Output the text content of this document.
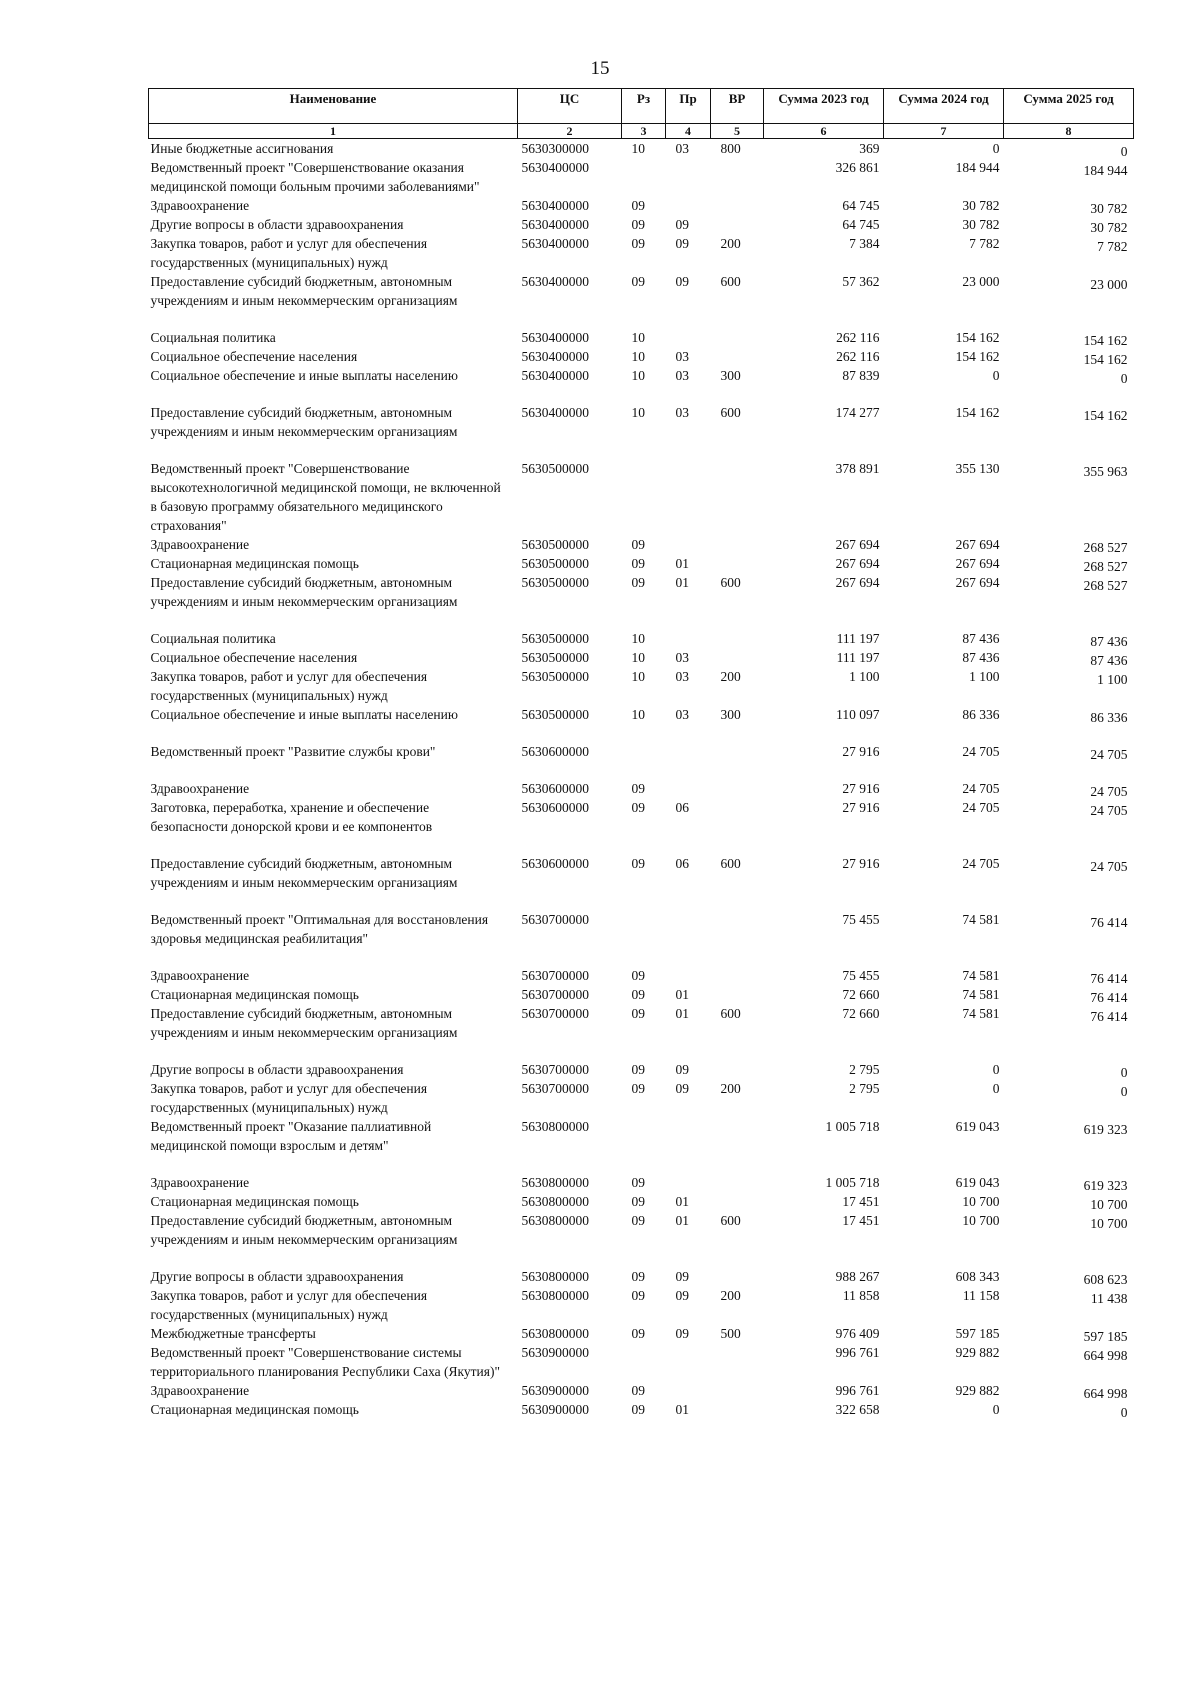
15
Наименование	ЦС	Рз	Пр	ВР	Сумма 2023 год	Сумма 2024 год	Сумма 2025 год
1	2	3	4	5	6	7	8
Иные бюджетные ассигнования	5630300000	10	03	800	369	0	0
Ведомственный проект "Совершенствование оказания медицинской помощи больным прочими заболеваниями"	5630400000				326 861	184 944	184 944
Здравоохранение	5630400000	09			64 745	30 782	30 782
Другие вопросы в области здравоохранения	5630400000	09	09		64 745	30 782	30 782
Закупка товаров, работ и услуг для обеспечения государственных (муниципальных) нужд	5630400000	09	09	200	7 384	7 782	7 782
Предоставление субсидий бюджетным, автономным учреждениям и иным некоммерческим организациям	5630400000	09	09	600	57 362	23 000	23 000
Социальная политика	5630400000	10			262 116	154 162	154 162
Социальное обеспечение населения	5630400000	10	03		262 116	154 162	154 162
Социальное обеспечение и иные выплаты населению	5630400000	10	03	300	87 839	0	0
Предоставление субсидий бюджетным, автономным учреждениям и иным некоммерческим организациям	5630400000	10	03	600	174 277	154 162	154 162
Ведомственный проект "Совершенствование высокотехнологичной медицинской помощи, не включенной в базовую программу обязательного медицинского страхования"	5630500000				378 891	355 130	355 963
Здравоохранение	5630500000	09			267 694	267 694	268 527
Стационарная медицинская помощь	5630500000	09	01		267 694	267 694	268 527
Предоставление субсидий бюджетным, автономным учреждениям и иным некоммерческим организациям	5630500000	09	01	600	267 694	267 694	268 527
Социальная политика	5630500000	10			111 197	87 436	87 436
Социальное обеспечение населения	5630500000	10	03		111 197	87 436	87 436
Закупка товаров, работ и услуг для обеспечения государственных (муниципальных) нужд	5630500000	10	03	200	1 100	1 100	1 100
Социальное обеспечение и иные выплаты населению	5630500000	10	03	300	110 097	86 336	86 336
Ведомственный проект "Развитие службы крови"	5630600000				27 916	24 705	24 705
Здравоохранение	5630600000	09			27 916	24 705	24 705
Заготовка, переработка, хранение и обеспечение безопасности донорской крови и ее компонентов	5630600000	09	06		27 916	24 705	24 705
Предоставление субсидий бюджетным, автономным учреждениям и иным некоммерческим организациям	5630600000	09	06	600	27 916	24 705	24 705
Ведомственный проект "Оптимальная для восстановления здоровья медицинская реабилитация"	5630700000				75 455	74 581	76 414
Здравоохранение	5630700000	09			75 455	74 581	76 414
Стационарная медицинская помощь	5630700000	09	01		72 660	74 581	76 414
Предоставление субсидий бюджетным, автономным учреждениям и иным некоммерческим организациям	5630700000	09	01	600	72 660	74 581	76 414
Другие вопросы в области здравоохранения	5630700000	09	09		2 795	0	0
Закупка товаров, работ и услуг для обеспечения государственных (муниципальных) нужд	5630700000	09	09	200	2 795	0	0
Ведомственный проект "Оказание паллиативной медицинской помощи взрослым и детям"	5630800000				1 005 718	619 043	619 323
Здравоохранение	5630800000	09			1 005 718	619 043	619 323
Стационарная медицинская помощь	5630800000	09	01		17 451	10 700	10 700
Предоставление субсидий бюджетным, автономным учреждениям и иным некоммерческим организациям	5630800000	09	01	600	17 451	10 700	10 700
Другие вопросы в области здравоохранения	5630800000	09	09		988 267	608 343	608 623
Закупка товаров, работ и услуг для обеспечения государственных (муниципальных) нужд	5630800000	09	09	200	11 858	11 158	11 438
Межбюджетные трансферты	5630800000	09	09	500	976 409	597 185	597 185
Ведомственный проект "Совершенствование системы территориального планирования Республики Саха (Якутия)"	5630900000				996 761	929 882	664 998
Здравоохранение	5630900000	09			996 761	929 882	664 998
Стационарная медицинская помощь	5630900000	09	01		322 658	0	0
